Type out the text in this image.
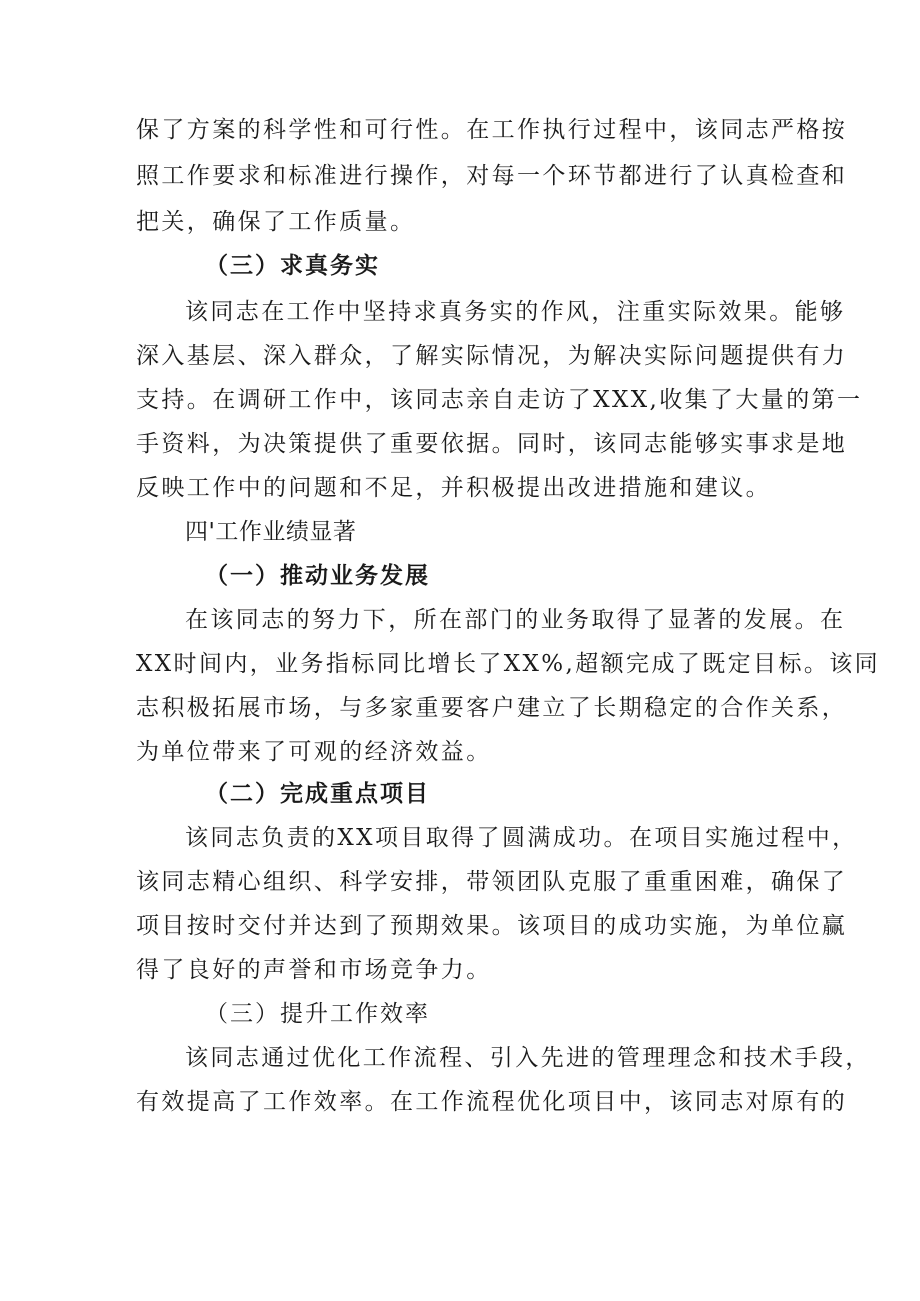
保了方案的科学性和可行性。在工作执行过程中，该同志严格按
照工作要求和标准进行操作，对每一个环节都进行了认真检查和
把关，确保了工作质量。
（三）求真务实
该同志在工作中坚持求真务实的作风，注重实际效果。能够
深入基层、深入群众，了解实际情况，为解决实际问题提供有力
支持。在调研工作中，该同志亲自走访了XXX,收集了大量的第一
手资料，为决策提供了重要依据。同时，该同志能够实事求是地
反映工作中的问题和不足，并积极提出改进措施和建议。
四'工作业绩显著
（一）推动业务发展
在该同志的努力下，所在部门的业务取得了显著的发展。在
XX时间内，业务指标同比增长了XX%,超额完成了既定目标。该同
志积极拓展市场，与多家重要客户建立了长期稳定的合作关系，
为单位带来了可观的经济效益。
（二）完成重点项目
该同志负责的XX项目取得了圆满成功。在项目实施过程中，
该同志精心组织、科学安排，带领团队克服了重重困难，确保了
项目按时交付并达到了预期效果。该项目的成功实施，为单位赢
得了良好的声誉和市场竞争力。
（三）提升工作效率
该同志通过优化工作流程、引入先进的管理理念和技术手段，
有效提高了工作效率。在工作流程优化项目中，该同志对原有的
